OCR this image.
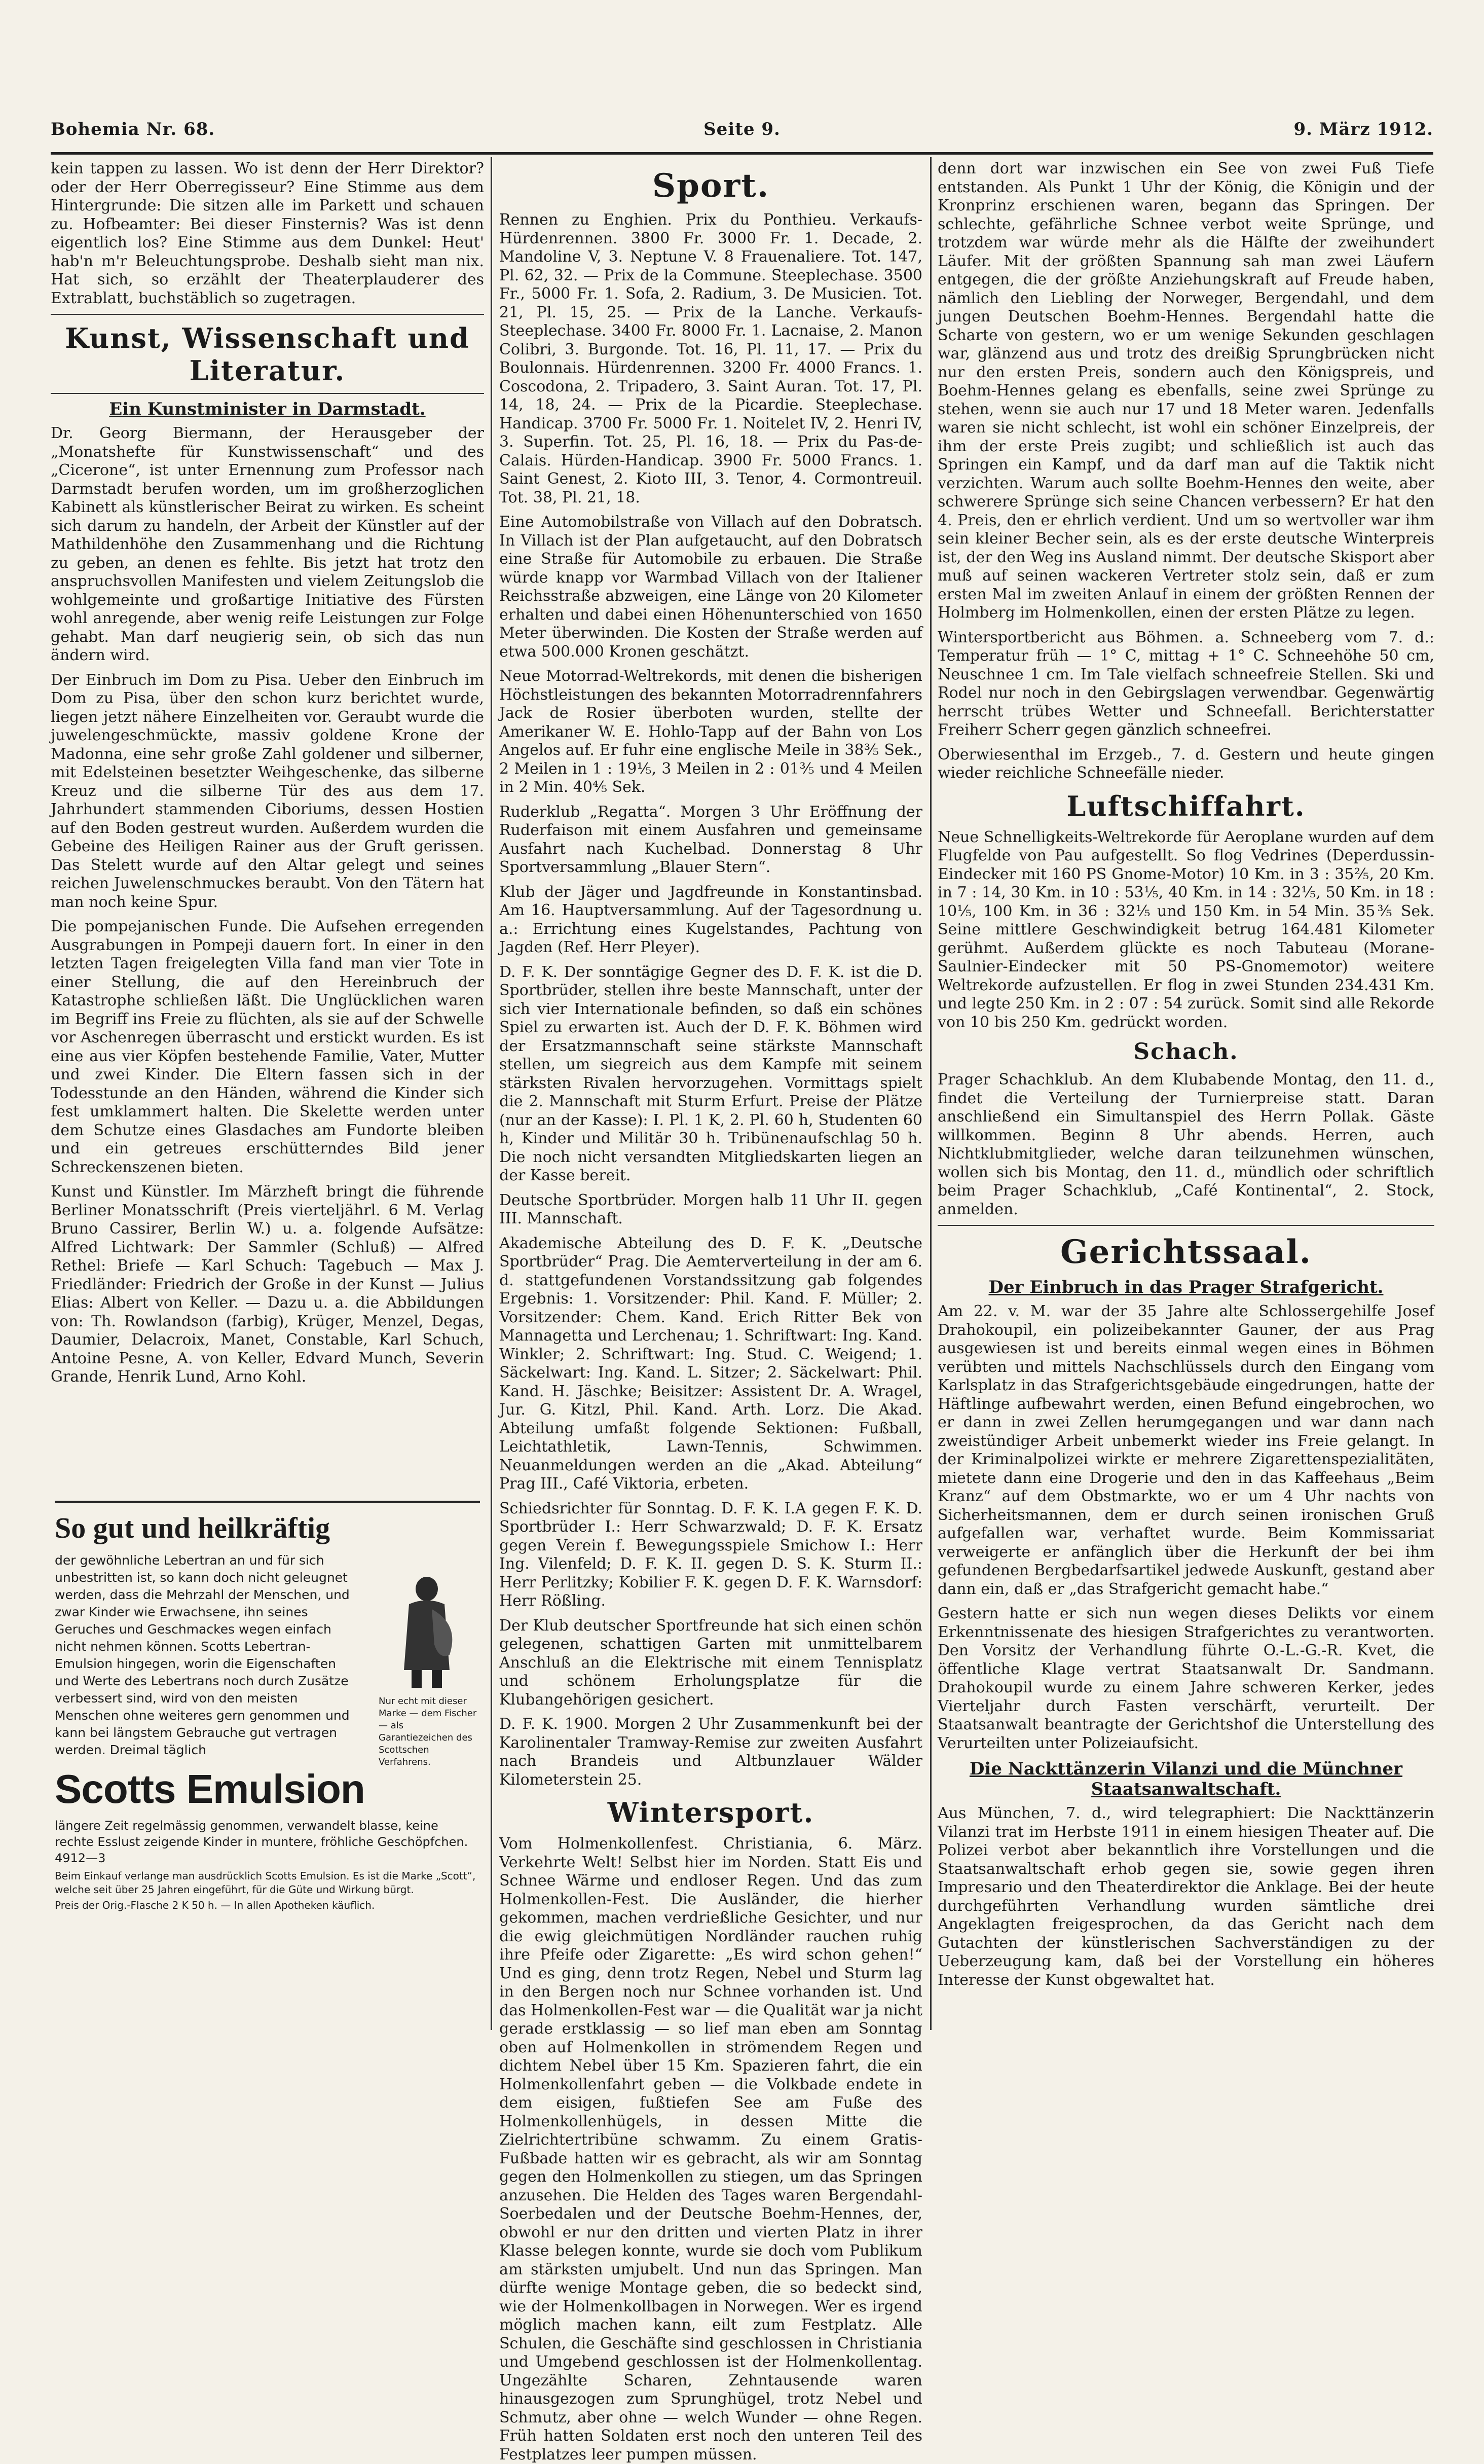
Bohemia Nr. 68.	Seite 9.	9. März 1912.

kein tappen zu lassen. Wo ist denn der Herr Direktor? oder der Herr Oberregisseur? Eine Stimme aus dem Hintergrunde: Die sitzen alle im Parkett und schauen zu. Hofbeamter: Bei dieser Finsternis? Was ist denn eigentlich los? Eine Stimme aus dem Dunkel: Heut' hab'n m'r Beleuchtungsprobe. Deshalb sieht man nix. Hat sich, so erzählt der Theaterplauderer des Extrablatt, buchstäblich so zugetragen.

Kunst, Wissenschaft und Literatur.
Ein Kunstminister in Darmstadt.

Dr. Georg Biermann, der Herausgeber der „Monatshefte für Kunstwissenschaft“ und des „Cicerone“, ist unter Ernennung zum Professor nach Darmstadt berufen worden, um im großherzoglichen Kabinett als künstlerischer Beirat zu wirken. Es scheint sich darum zu handeln, der Arbeit der Künstler auf der Mathildenhöhe den Zusammenhang und die Richtung zu geben, an denen es fehlte. Bis jetzt hat trotz den anspruchsvollen Manifesten und vielem Zeitungslob die wohlgemeinte und großartige Initiative des Fürsten wohl anregende, aber wenig reife Leistungen zur Folge gehabt. Man darf neugierig sein, ob sich das nun ändern wird.

Der Einbruch im Dom zu Pisa. Ueber den Einbruch im Dom zu Pisa, über den schon kurz berichtet wurde, liegen jetzt nähere Einzelheiten vor. Geraubt wurde die juwelengeschmückte, massiv goldene Krone der Madonna, eine sehr große Zahl goldener und silberner, mit Edelsteinen besetzter Weihgeschenke, das silberne Kreuz und die silberne Tür des aus dem 17. Jahrhundert stammenden Ciboriums, dessen Hostien auf den Boden gestreut wurden. Außerdem wurden die Gebeine des Heiligen Rainer aus der Gruft gerissen. Das Stelett wurde auf den Altar gelegt und seines reichen Juwelenschmuckes beraubt. Von den Tätern hat man noch keine Spur.

Die pompejanischen Funde. Die Aufsehen erregenden Ausgrabungen in Pompeji dauern fort. In einer in den letzten Tagen freigelegten Villa fand man vier Tote in einer Stellung, die auf den Hereinbruch der Katastrophe schließen läßt. Die Unglücklichen waren im Begriff ins Freie zu flüchten, als sie auf der Schwelle vor Aschenregen überrascht und erstickt wurden. Es ist eine aus vier Köpfen bestehende Familie, Vater, Mutter und zwei Kinder. Die Eltern fassen sich in der Todesstunde an den Händen, während die Kinder sich fest umklammert halten. Die Skelette werden unter dem Schutze eines Glasdaches am Fundorte bleiben und ein getreues erschütterndes Bild jener Schreckenszenen bieten.

Kunst und Künstler. Im Märzheft bringt die führende Berliner Monatsschrift (Preis vierteljährl. 6 M. Verlag Bruno Cassirer, Berlin W.) u. a. folgende Aufsätze: Alfred Lichtwark: Der Sammler (Schluß) — Alfred Rethel: Briefe — Karl Schuch: Tagebuch — Max J. Friedländer: Friedrich der Große in der Kunst — Julius Elias: Albert von Keller. — Dazu u. a. die Abbildungen von: Th. Rowlandson (farbig), Krüger, Menzel, Degas, Daumier, Delacroix, Manet, Constable, Karl Schuch, Antoine Pesne, A. von Keller, Edvard Munch, Severin Grande, Henrik Lund, Arno Kohl.

So gut und heilkräftig
der gewöhnliche Lebertran an und für sich unbestritten ist, so kann doch nicht geleugnet werden, dass die Mehrzahl der Menschen, und zwar Kinder wie Erwachsene, ihn seines Geruches und Geschmackes wegen einfach nicht nehmen können. Scotts Lebertran-Emulsion hingegen, worin die Eigenschaften und Werte des Lebertrans noch durch Zusätze verbessert sind, wird von den meisten Menschen ohne weiteres gern genommen und kann bei längstem Gebrauche gut vertragen werden. Dreimal täglich
Nur echt mit dieser Marke — dem Fischer — als Garantiezeichen des Scottschen Verfahrens.
Scotts Emulsion
längere Zeit regelmässig genommen, verwandelt blasse, keine rechte Esslust zeigende Kinder in muntere, fröhliche Geschöpfchen. 4912—3
Beim Einkauf verlange man ausdrücklich Scotts Emulsion. Es ist die Marke „Scott“, welche seit über 25 Jahren eingeführt, für die Güte und Wirkung bürgt.
Preis der Orig.-Flasche 2 K 50 h. — In allen Apotheken käuflich.
Sport.

Rennen zu Enghien. Prix du Ponthieu. Verkaufs-Hürdenrennen. 3800 Fr. 3000 Fr. 1. Decade, 2. Mandoline V, 3. Neptune V. 8 Frauenaliere. Tot. 147, Pl. 62, 32. — Prix de la Commune. Steeplechase. 3500 Fr., 5000 Fr. 1. Sofa, 2. Radium, 3. De Musicien. Tot. 21, Pl. 15, 25. — Prix de la Lanche. Verkaufs-Steeplechase. 3400 Fr. 8000 Fr. 1. Lacnaise, 2. Manon Colibri, 3. Burgonde. Tot. 16, Pl. 11, 17. — Prix du Boulonnais. Hürdenrennen. 3200 Fr. 4000 Francs. 1. Coscodona, 2. Tripadero, 3. Saint Auran. Tot. 17, Pl. 14, 18, 24. — Prix de la Picardie. Steeplechase. Handicap. 3700 Fr. 5000 Fr. 1. Noitelet IV, 2. Henri IV, 3. Superfin. Tot. 25, Pl. 16, 18. — Prix du Pas-de-Calais. Hürden-Handicap. 3900 Fr. 5000 Francs. 1. Saint Genest, 2. Kioto III, 3. Tenor, 4. Cormontreuil. Tot. 38, Pl. 21, 18.

Eine Automobilstraße von Villach auf den Dobratsch. In Villach ist der Plan aufgetaucht, auf den Dobratsch eine Straße für Automobile zu erbauen. Die Straße würde knapp vor Warmbad Villach von der Italiener Reichsstraße abzweigen, eine Länge von 20 Kilometer erhalten und dabei einen Höhenunterschied von 1650 Meter überwinden. Die Kosten der Straße werden auf etwa 500.000 Kronen geschätzt.

Neue Motorrad-Weltrekords, mit denen die bisherigen Höchstleistungen des bekannten Motorradrennfahrers Jack de Rosier überboten wurden, stellte der Amerikaner W. E. Hohlo-Tapp auf der Bahn von Los Angelos auf. Er fuhr eine englische Meile in 38⅗ Sek., 2 Meilen in 1 : 19⅕, 3 Meilen in 2 : 01⅗ und 4 Meilen in 2 Min. 40⅘ Sek.

Ruderklub „Regatta“. Morgen 3 Uhr Eröffnung der Ruderfaison mit einem Ausfahren und gemeinsame Ausfahrt nach Kuchelbad. Donnerstag 8 Uhr Sportversammlung „Blauer Stern“.

Klub der Jäger und Jagdfreunde in Konstantinsbad. Am 16. Hauptversammlung. Auf der Tagesordnung u. a.: Errichtung eines Kugelstandes, Pachtung von Jagden (Ref. Herr Pleyer).

D. F. K. Der sonntägige Gegner des D. F. K. ist die D. Sportbrüder, stellen ihre beste Mannschaft, unter der sich vier Internationale befinden, so daß ein schönes Spiel zu erwarten ist. Auch der D. F. K. Böhmen wird der Ersatzmannschaft seine stärkste Mannschaft stellen, um siegreich aus dem Kampfe mit seinem stärksten Rivalen hervorzugehen. Vormittags spielt die 2. Mannschaft mit Sturm Erfurt. Preise der Plätze (nur an der Kasse): I. Pl. 1 K, 2. Pl. 60 h, Studenten 60 h, Kinder und Militär 30 h. Tribünenaufschlag 50 h. Die noch nicht versandten Mitgliedskarten liegen an der Kasse bereit.

Deutsche Sportbrüder. Morgen halb 11 Uhr II. gegen III. Mannschaft.

Akademische Abteilung des D. F. K. „Deutsche Sportbrüder“ Prag. Die Aemterverteilung in der am 6. d. stattgefundenen Vorstandssitzung gab folgendes Ergebnis: 1. Vorsitzender: Phil. Kand. F. Müller; 2. Vorsitzender: Chem. Kand. Erich Ritter Bek von Mannagetta und Lerchenau; 1. Schriftwart: Ing. Kand. Winkler; 2. Schriftwart: Ing. Stud. C. Weigend; 1. Säckelwart: Ing. Kand. L. Sitzer; 2. Säckelwart: Phil. Kand. H. Jäschke; Beisitzer: Assistent Dr. A. Wragel, Jur. G. Kitzl, Phil. Kand. Arth. Lorz. Die Akad. Abteilung umfaßt folgende Sektionen: Fußball, Leichtathletik, Lawn-Tennis, Schwimmen. Neuanmeldungen werden an die „Akad. Abteilung“ Prag III., Café Viktoria, erbeten.

Schiedsrichter für Sonntag. D. F. K. I.A gegen F. K. D. Sportbrüder I.: Herr Schwarzwald; D. F. K. Ersatz gegen Verein f. Bewegungsspiele Smichow I.: Herr Ing. Vilenfeld; D. F. K. II. gegen D. S. K. Sturm II.: Herr Perlitzky; Kobilier F. K. gegen D. F. K. Warnsdorf: Herr Rößling.

Der Klub deutscher Sportfreunde hat sich einen schön gelegenen, schattigen Garten mit unmittelbarem Anschluß an die Elektrische mit einem Tennisplatz und schönem Erholungsplatze für die Klubangehörigen gesichert.

D. F. K. 1900. Morgen 2 Uhr Zusammenkunft bei der Karolinentaler Tramway-Remise zur zweiten Ausfahrt nach Brandeis und Altbunzlauer Wälder Kilometerstein 25.

Wintersport.

Vom Holmenkollenfest. Christiania, 6. März. Verkehrte Welt! Selbst hier im Norden. Statt Eis und Schnee Wärme und endloser Regen. Und das zum Holmenkollen-Fest. Die Ausländer, die hierher gekommen, machen verdrießliche Gesichter, und nur die ewig gleichmütigen Nordländer rauchen ruhig ihre Pfeife oder Zigarette: „Es wird schon gehen!“ Und es ging, denn trotz Regen, Nebel und Sturm lag in den Bergen noch nur Schnee vorhanden ist. Und das Holmenkollen-Fest war — die Qualität war ja nicht gerade erstklassig — so lief man eben am Sonntag oben auf Holmenkollen in strömendem Regen und dichtem Nebel über 15 Km. Spazieren fahrt, die ein Holmenkollenfahrt geben — die Volkbade endete in dem eisigen, fußtiefen See am Fuße des Holmenkollenhügels, in dessen Mitte die Zielrichtertribüne schwamm. Zu einem Gratis-Fußbade hatten wir es gebracht, als wir am Sonntag gegen den Holmenkollen zu stiegen, um das Springen anzusehen. Die Helden des Tages waren Bergendahl-Soerbedalen und der Deutsche Boehm-Hennes, der, obwohl er nur den dritten und vierten Platz in ihrer Klasse belegen konnte, wurde sie doch vom Publikum am stärksten umjubelt. Und nun das Springen. Man dürfte wenige Montage geben, die so bedeckt sind, wie der Holmenkollbagen in Norwegen. Wer es irgend möglich machen kann, eilt zum Festplatz. Alle Schulen, die Geschäfte sind geschlossen in Christiania und Umgebend geschlossen ist der Holmenkollentag. Ungezählte Scharen, Zehntausende waren hinausgezogen zum Sprunghügel, trotz Nebel und Schmutz, aber ohne — welch Wunder — ohne Regen. Früh hatten Soldaten erst noch den unteren Teil des Festplatzes leer pumpen müssen.

denn dort war inzwischen ein See von zwei Fuß Tiefe entstanden. Als Punkt 1 Uhr der König, die Königin und der Kronprinz erschienen waren, begann das Springen. Der schlechte, gefährliche Schnee verbot weite Sprünge, und trotzdem war würde mehr als die Hälfte der zweihundert Läufer. Mit der größten Spannung sah man zwei Läufern entgegen, die der größte Anziehungskraft auf Freude haben, nämlich den Liebling der Norweger, Bergendahl, und dem jungen Deutschen Boehm-Hennes. Bergendahl hatte die Scharte von gestern, wo er um wenige Sekunden geschlagen war, glänzend aus und trotz des dreißig Sprungbrücken nicht nur den ersten Preis, sondern auch den Königspreis, und Boehm-Hennes gelang es ebenfalls, seine zwei Sprünge zu stehen, wenn sie auch nur 17 und 18 Meter waren. Jedenfalls waren sie nicht schlecht, ist wohl ein schöner Einzelpreis, der ihm der erste Preis zugibt; und schließlich ist auch das Springen ein Kampf, und da darf man auf die Taktik nicht verzichten. Warum auch sollte Boehm-Hennes den weite, aber schwerere Sprünge sich seine Chancen verbessern? Er hat den 4. Preis, den er ehrlich verdient. Und um so wertvoller war ihm sein kleiner Becher sein, als es der erste deutsche Winterpreis ist, der den Weg ins Ausland nimmt. Der deutsche Skisport aber muß auf seinen wackeren Vertreter stolz sein, daß er zum ersten Mal im zweiten Anlauf in einem der größten Rennen der Holmberg im Holmenkollen, einen der ersten Plätze zu legen.

Wintersportbericht aus Böhmen. a. Schneeberg vom 7. d.: Temperatur früh — 1° C, mittag + 1° C. Schneehöhe 50 cm, Neuschnee 1 cm. Im Tale vielfach schneefreie Stellen. Ski und Rodel nur noch in den Gebirgslagen verwendbar. Gegenwärtig herrscht trübes Wetter und Schneefall. Berichterstatter Freiherr Scherr gegen gänzlich schneefrei.

Oberwiesenthal im Erzgeb., 7. d. Gestern und heute gingen wieder reichliche Schneefälle nieder.

Luftschiffahrt.

Neue Schnelligkeits-Weltrekorde für Aeroplane wurden auf dem Flugfelde von Pau aufgestellt. So flog Vedrines (Deperdussin-Eindecker mit 160 PS Gnome-Motor) 10 Km. in 3 : 35⅖, 20 Km. in 7 : 14, 30 Km. in 10 : 53⅕, 40 Km. in 14 : 32⅕, 50 Km. in 18 : 10⅕, 100 Km. in 36 : 32⅕ und 150 Km. in 54 Min. 35⅗ Sek. Seine mittlere Geschwindigkeit betrug 164.481 Kilometer gerühmt. Außerdem glückte es noch Tabuteau (Morane-Saulnier-Eindecker mit 50 PS-Gnomemotor) weitere Weltrekorde aufzustellen. Er flog in zwei Stunden 234.431 Km. und legte 250 Km. in 2 : 07 : 54 zurück. Somit sind alle Rekorde von 10 bis 250 Km. gedrückt worden.

Schach.

Prager Schachklub. An dem Klubabende Montag, den 11. d., findet die Verteilung der Turnierpreise statt. Daran anschließend ein Simultanspiel des Herrn Pollak. Gäste willkommen. Beginn 8 Uhr abends. Herren, auch Nichtklubmitglieder, welche daran teilzunehmen wünschen, wollen sich bis Montag, den 11. d., mündlich oder schriftlich beim Prager Schachklub, „Café Kontinental“, 2. Stock, anmelden.

Gerichtssaal.
Der Einbruch in das Prager Strafgericht.

Am 22. v. M. war der 35 Jahre alte Schlossergehilfe Josef Drahokoupil, ein polizeibekannter Gauner, der aus Prag ausgewiesen ist und bereits einmal wegen eines in Böhmen verübten und mittels Nachschlüssels durch den Eingang vom Karlsplatz in das Strafgerichtsgebäude eingedrungen, hatte der Häftlinge aufbewahrt werden, einen Befund eingebrochen, wo er dann in zwei Zellen herumgegangen und war dann nach zweistündiger Arbeit unbemerkt wieder ins Freie gelangt. In der Kriminalpolizei wirkte er mehrere Zigarettenspezialitäten, mietete dann eine Drogerie und den in das Kaffeehaus „Beim Kranz“ auf dem Obstmarkte, wo er um 4 Uhr nachts von Sicherheitsmannen, dem er durch seinen ironischen Gruß aufgefallen war, verhaftet wurde. Beim Kommissariat verweigerte er anfänglich über die Herkunft der bei ihm gefundenen Bergbedarfsartikel jedwede Auskunft, gestand aber dann ein, daß er „das Strafgericht gemacht habe.“

Gestern hatte er sich nun wegen dieses Delikts vor einem Erkenntnissenate des hiesigen Strafgerichtes zu verantworten. Den Vorsitz der Verhandlung führte O.-L.-G.-R. Kvet, die öffentliche Klage vertrat Staatsanwalt Dr. Sandmann. Drahokoupil wurde zu einem Jahre schweren Kerker, jedes Vierteljahr durch Fasten verschärft, verurteilt. Der Staatsanwalt beantragte der Gerichtshof die Unterstellung des Verurteilten unter Polizeiaufsicht.

Die Nackttänzerin Vilanzi und die Münchner Staatsanwaltschaft.

Aus München, 7. d., wird telegraphiert: Die Nackttänzerin Vilanzi trat im Herbste 1911 in einem hiesigen Theater auf. Die Polizei verbot aber bekanntlich ihre Vorstellungen und die Staatsanwaltschaft erhob gegen sie, sowie gegen ihren Impresario und den Theaterdirektor die Anklage. Bei der heute durchgeführten Verhandlung wurden sämtliche drei Angeklagten freigesprochen, da das Gericht nach dem Gutachten der künstlerischen Sachverständigen zu der Ueberzeugung kam, daß bei der Vorstellung ein höheres Interesse der Kunst obgewaltet hat.
